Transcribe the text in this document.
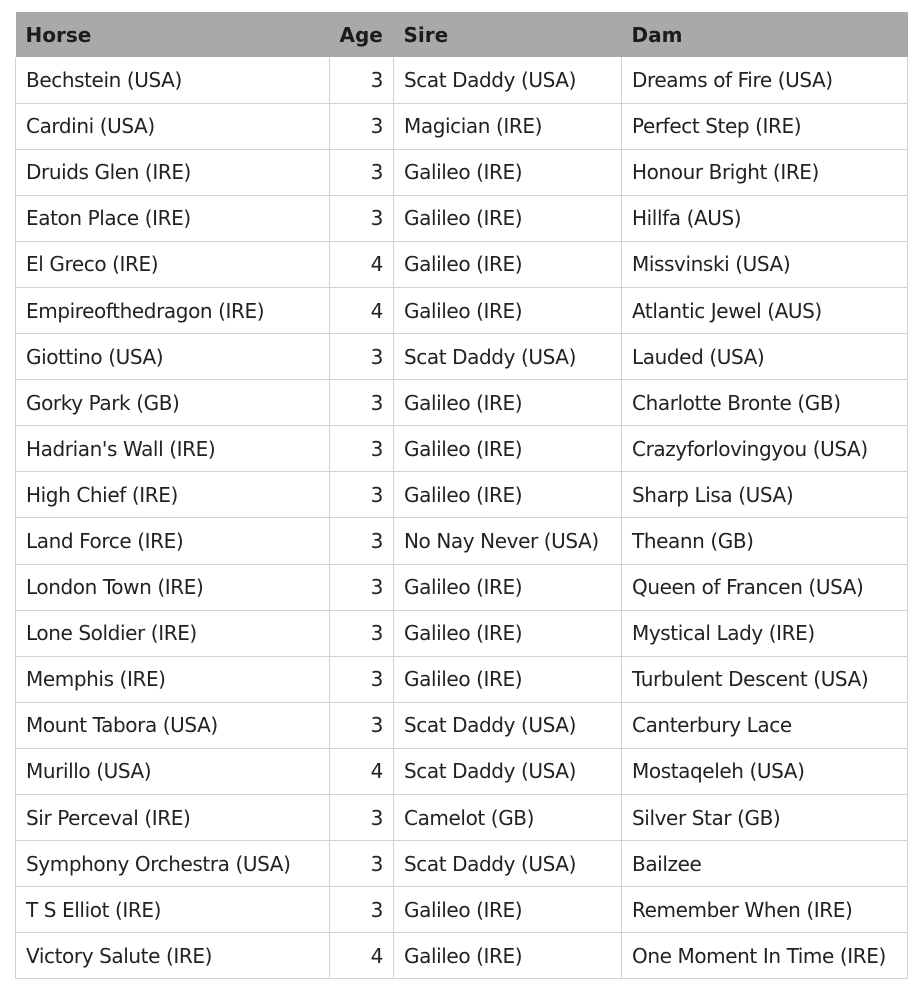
Horse	Age	Sire	Dam
Bechstein (USA)	3	Scat Daddy (USA)	Dreams of Fire (USA)
Cardini (USA)	3	Magician (IRE)	Perfect Step (IRE)
Druids Glen (IRE)	3	Galileo (IRE)	Honour Bright (IRE)
Eaton Place (IRE)	3	Galileo (IRE)	Hillfa (AUS)
El Greco (IRE)	4	Galileo (IRE)	Missvinski (USA)
Empireofthedragon (IRE)	4	Galileo (IRE)	Atlantic Jewel (AUS)
Giottino (USA)	3	Scat Daddy (USA)	Lauded (USA)
Gorky Park (GB)	3	Galileo (IRE)	Charlotte Bronte (GB)
Hadrian's Wall (IRE)	3	Galileo (IRE)	Crazyforlovingyou (USA)
High Chief (IRE)	3	Galileo (IRE)	Sharp Lisa (USA)
Land Force (IRE)	3	No Nay Never (USA)	Theann (GB)
London Town (IRE)	3	Galileo (IRE)	Queen of Francen (USA)
Lone Soldier (IRE)	3	Galileo (IRE)	Mystical Lady (IRE)
Memphis (IRE)	3	Galileo (IRE)	Turbulent Descent (USA)
Mount Tabora (USA)	3	Scat Daddy (USA)	Canterbury Lace
Murillo (USA)	4	Scat Daddy (USA)	Mostaqeleh (USA)
Sir Perceval (IRE)	3	Camelot (GB)	Silver Star (GB)
Symphony Orchestra (USA)	3	Scat Daddy (USA)	Bailzee
T S Elliot (IRE)	3	Galileo (IRE)	Remember When (IRE)
Victory Salute (IRE)	4	Galileo (IRE)	One Moment In Time (IRE)
